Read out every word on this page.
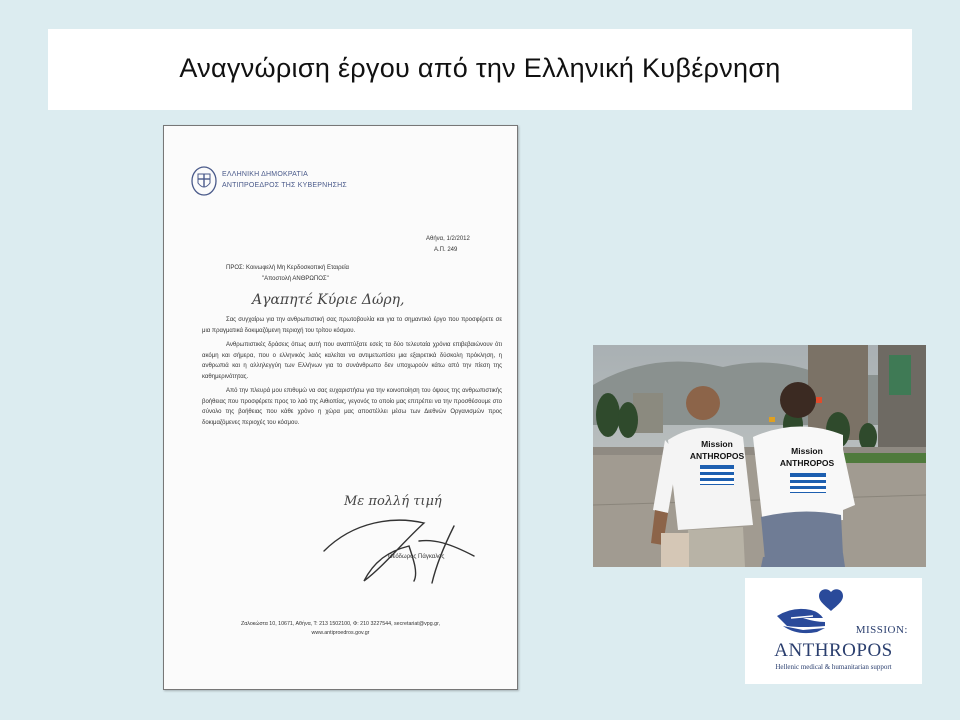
Αναγνώριση έργου από την Ελληνική Κυβέρνηση
ΕΛΛΗΝΙΚΗ ΔΗΜΟΚΡΑΤΙΑ
ΑΝΤΙΠΡΟΕΔΡΟΣ ΤΗΣ ΚΥΒΕΡΝΗΣΗΣ
Αθήνα, 1/2/2012
Α.Π. 249
ΠΡΟΣ: Κοινωφελή Μη Κερδοσκοπική Εταιρεία
"Αποστολή ΑΝΘΡΩΠΟΣ"
Αγαπητέ Κύριε Δώρη,

Σας συγχαίρω για την ανθρωπιστική σας πρωτοβουλία και για το σημαντικό έργο που προσφέρετε σε μια πραγματικά δοκιμαζόμενη περιοχή του τρίτου κόσμου.

Ανθρωπιστικές δράσεις όπως αυτή που αναπτύξατε εσείς τα δύο τελευταία χρόνια επιβεβαιώνουν ότι ακόμη και σήμερα, που ο ελληνικός λαός καλείται να αντιμετωπίσει μια εξαιρετικά δύσκολη πρόκληση, η ανθρωπιά και η αλληλεγγύη των Ελλήνων για το συνάνθρωπο δεν υποχωρούν κάτω από την πίεση της καθημερινότητας.

Από την πλευρά μου επιθυμώ να σας ευχαριστήσω για την κοινοποίηση του όψους της ανθρωπιστικής βοήθειας που προσφέρετε προς το λαό της Αιθιοπίας, γεγονός το οποίο μας επιτρέπει να την προσθέσουμε στο σύνολο της βοήθειας που κάθε χρόνο η χώρα μας αποστέλλει μέσω των Διεθνών Οργανισμών προς δοκιμαζόμενες περιοχές του κόσμου.

Με πολλή τιμή
Θεόδωρος Πάγκαλος
Ζαλοκώστα 10, 10671, Αθήνα, Τ: 213 1502100, Φ: 210 3227544, secretariat@vpg.gr,
www.antiproedros.gov.gr
Mission
ANTHROPOS	Mission
ANTHROPOS
MISSION:
ANTHROPOS
Hellenic medical & humanitarian support
